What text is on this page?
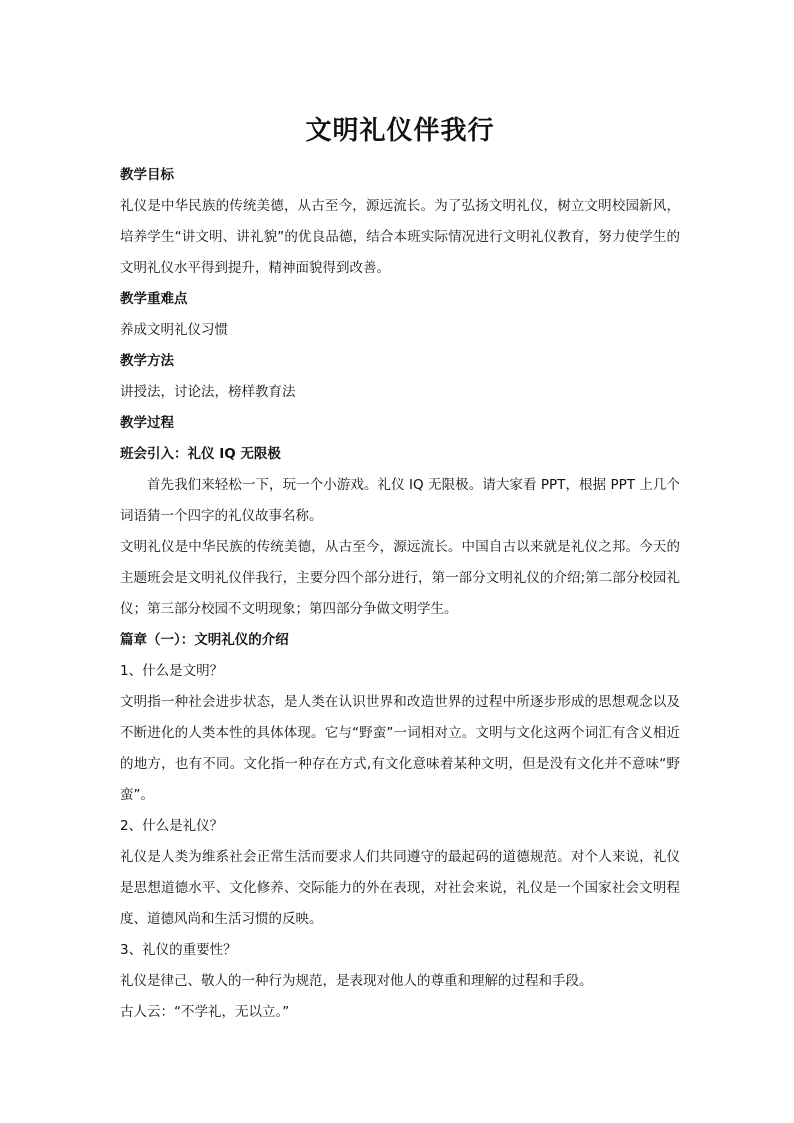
文明礼仪伴我行

教学目标

礼仪是中华民族的传统美德，从古至今，源远流长。为了弘扬文明礼仪，树立文明校园新风，培养学生“讲文明、讲礼貌”的优良品德，结合本班实际情况进行文明礼仪教育，努力使学生的文明礼仪水平得到提升，精神面貌得到改善。

教学重难点

养成文明礼仪习惯

教学方法

讲授法，讨论法，榜样教育法

教学过程

班会引入：礼仪 IQ 无限极

首先我们来轻松一下，玩一个小游戏。礼仪 IQ 无限极。请大家看 PPT，根据 PPT 上几个词语猜一个四字的礼仪故事名称。

文明礼仪是中华民族的传统美德，从古至今，源远流长。中国自古以来就是礼仪之邦。今天的主题班会是文明礼仪伴我行，主要分四个部分进行，第一部分文明礼仪的介绍;第二部分校园礼仪；第三部分校园不文明现象；第四部分争做文明学生。

篇章（一）：文明礼仪的介绍

1、什么是文明？

文明指一种社会进步状态，是人类在认识世界和改造世界的过程中所逐步形成的思想观念以及不断进化的人类本性的具体体现。它与“野蛮”一词相对立。文明与文化这两个词汇有含义相近的地方，也有不同。文化指一种存在方式,有文化意味着某种文明，但是没有文化并不意味“野蛮”。

2、什么是礼仪？

礼仪是人类为维系社会正常生活而要求人们共同遵守的最起码的道德规范。对个人来说，礼仪是思想道德水平、文化修养、交际能力的外在表现，对社会来说，礼仪是一个国家社会文明程度、道德风尚和生活习惯的反映。

3、礼仪的重要性？

礼仪是律己、敬人的一种行为规范，是表现对他人的尊重和理解的过程和手段。

古人云：“不学礼，无以立。”
